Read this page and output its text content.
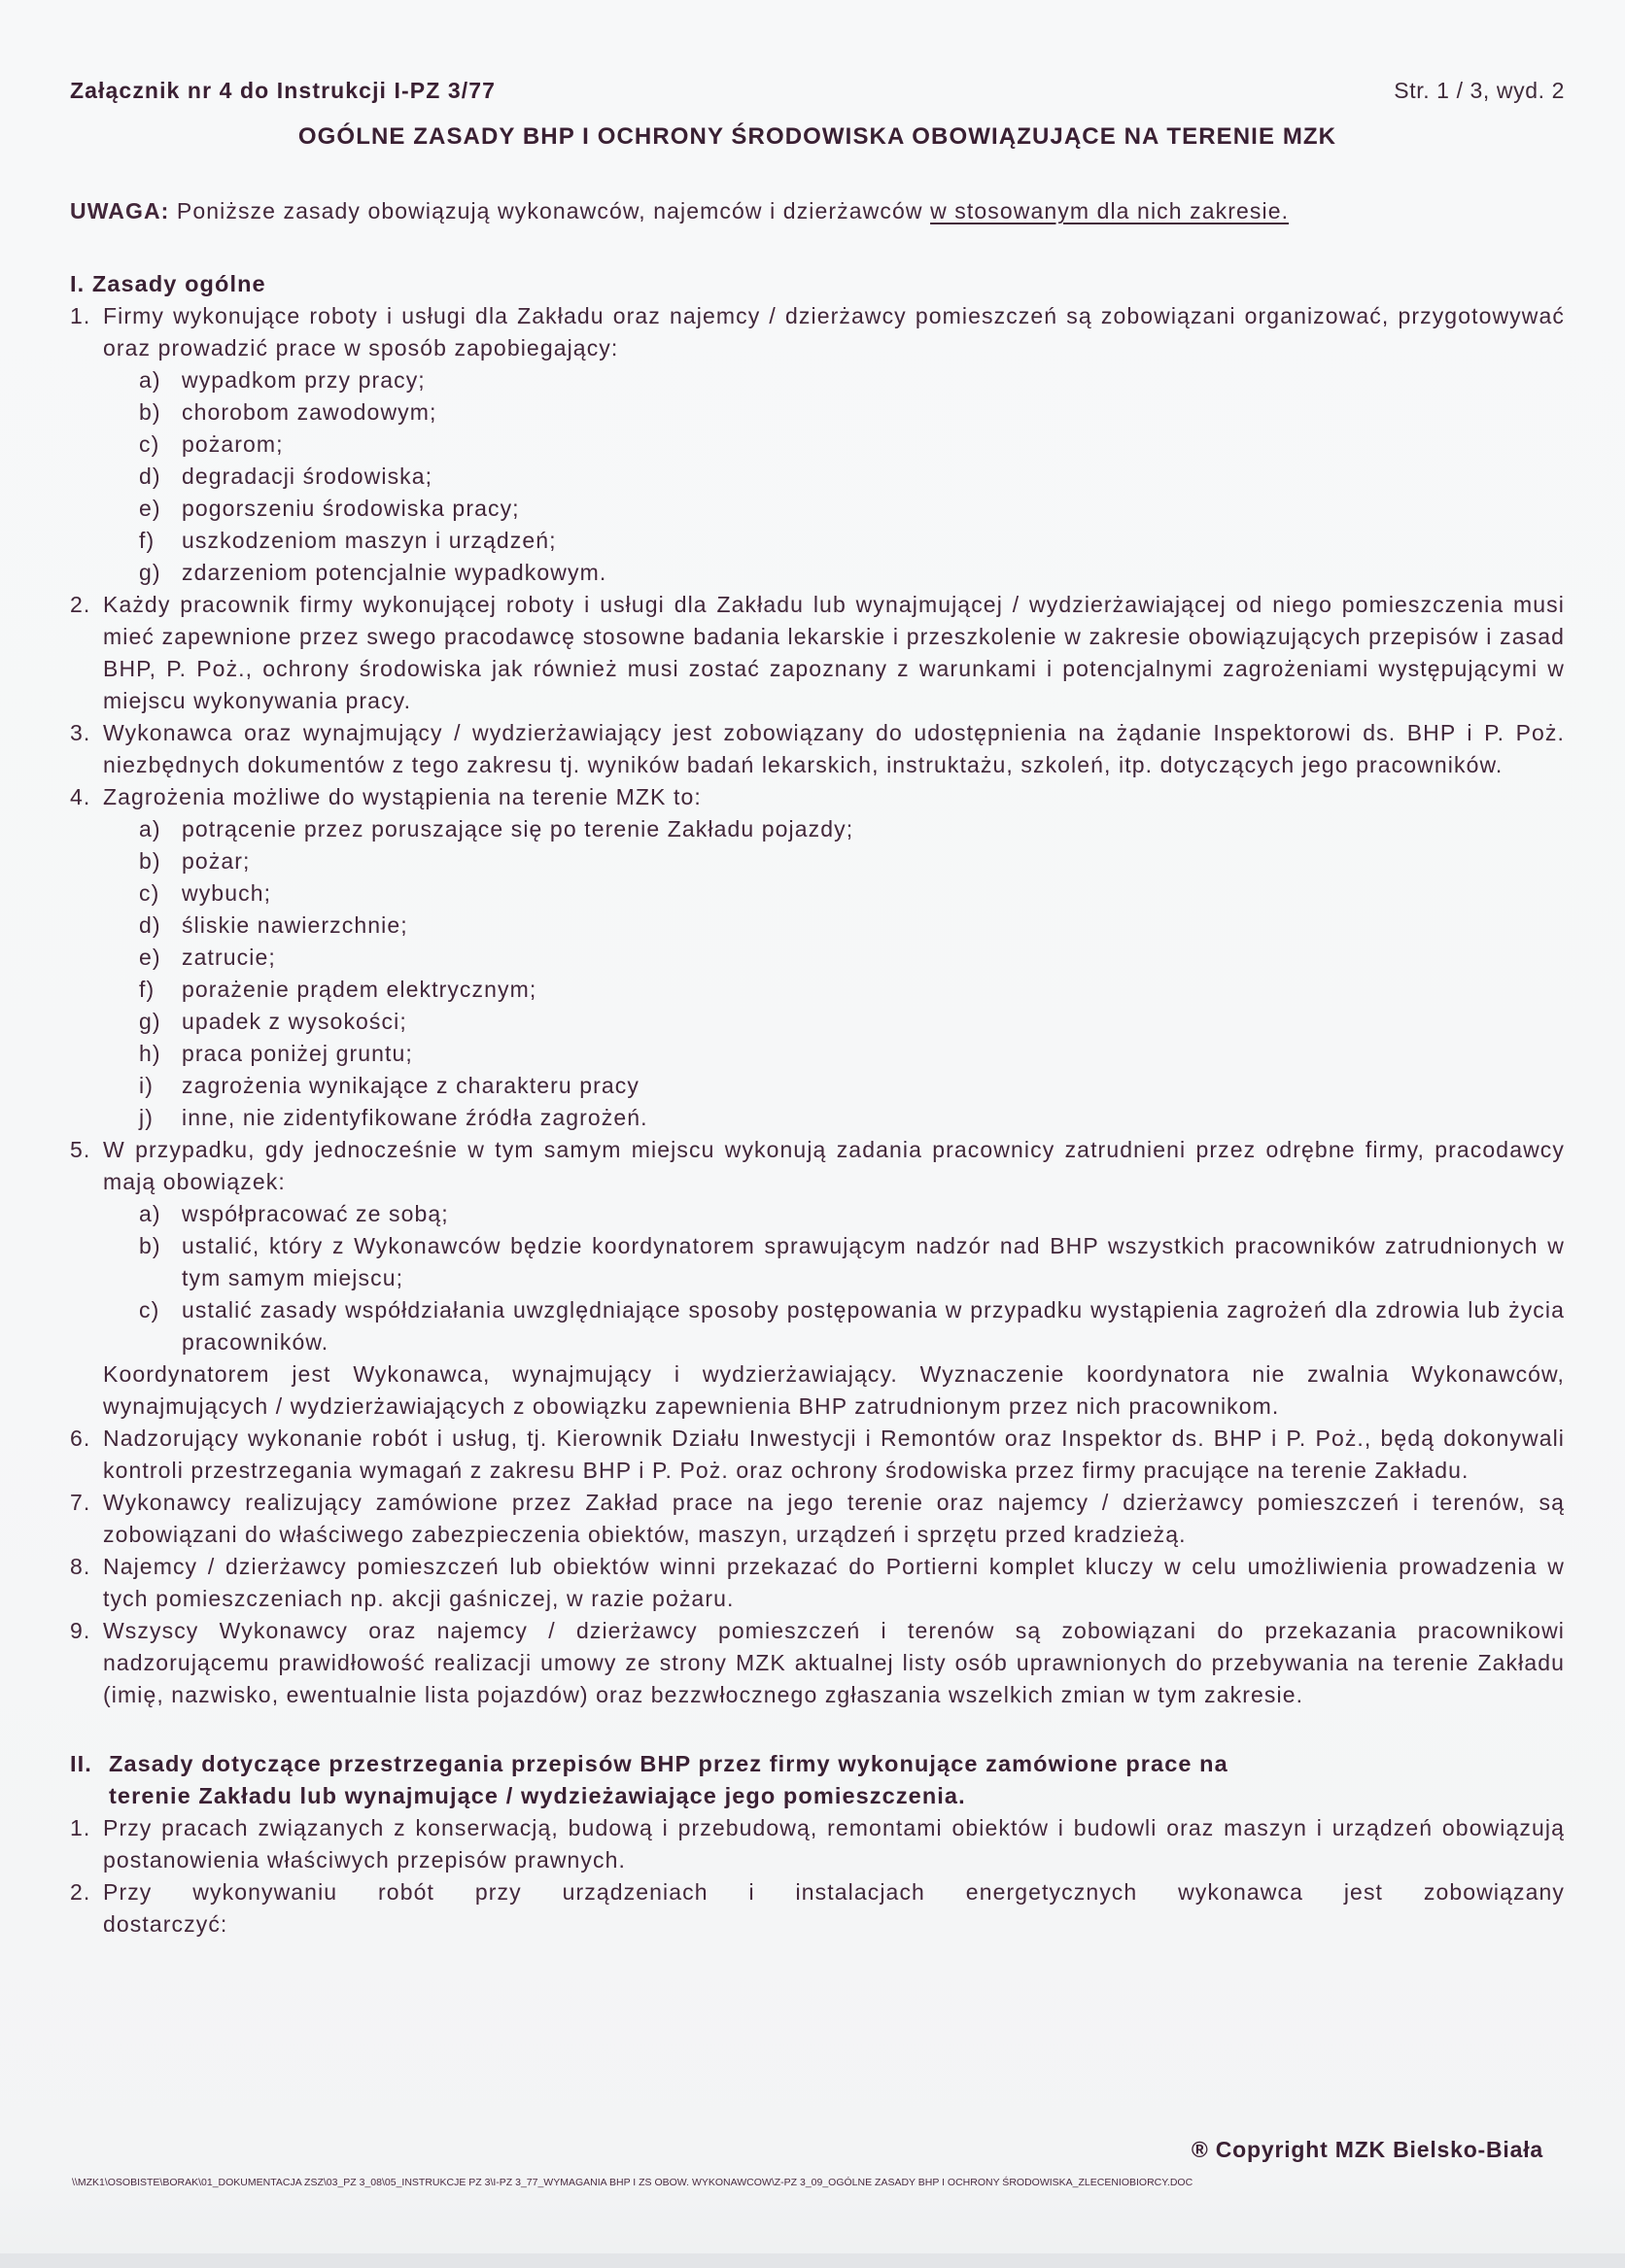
Załącznik nr 4 do Instrukcji I-PZ 3/77	Str. 1 / 3, wyd. 2
OGÓLNE ZASADY BHP I OCHRONY ŚRODOWISKA OBOWIĄZUJĄCE NA TERENIE MZK
UWAGA: Poniższe zasady obowiązują wykonawców, najemców i dzierżawców w stosowanym dla nich zakresie.
I. Zasady ogólne
1. Firmy wykonujące roboty i usługi dla Zakładu oraz najemcy / dzierżawcy pomieszczeń są zobowiązani organizować, przygotowywać oraz prowadzić prace w sposób zapobiegający:
a) wypadkom przy pracy;
b) chorobom zawodowym;
c) pożarom;
d) degradacji środowiska;
e) pogorszeniu środowiska pracy;
f)	uszkodzeniom maszyn i urządzeń;
g) zdarzeniom potencjalnie wypadkowym.
2. Każdy pracownik firmy wykonującej roboty i usługi dla Zakładu lub wynajmującej / wydzierżawiającej od niego pomieszczenia musi mieć zapewnione przez swego pracodawcę stosowne badania lekarskie i przeszkolenie w zakresie obowiązujących przepisów i zasad BHP, P. Poż., ochrony środowiska jak również musi zostać zapoznany z warunkami i potencjalnymi zagrożeniami występującymi w miejscu wykonywania pracy.
3. Wykonawca oraz wynajmujący / wydzierżawiający jest zobowiązany do udostępnienia na żądanie Inspektorowi ds. BHP i P. Poż. niezbędnych dokumentów z tego zakresu tj. wyników badań lekarskich, instruktażu, szkoleń, itp. dotyczących jego pracowników.
4. Zagrożenia możliwe do wystąpienia na terenie MZK to:
a) potrącenie przez poruszające się po terenie Zakładu pojazdy;
b) pożar;
c) wybuch;
d) śliskie nawierzchnie;
e) zatrucie;
f)	porażenie prądem elektrycznym;
g) upadek z wysokości;
h) praca poniżej gruntu;
i)	zagrożenia wynikające z charakteru pracy
j)	inne, nie zidentyfikowane źródła zagrożeń.
5. W przypadku, gdy jednocześnie w tym samym miejscu wykonują zadania pracownicy zatrudnieni przez odrębne firmy, pracodawcy mają obowiązek:
a) współpracować ze sobą;
b) ustalić, który z Wykonawców będzie koordynatorem sprawującym nadzór nad BHP wszystkich pracowników zatrudnionych w tym samym miejscu;
c) ustalić zasady współdziałania uwzględniające sposoby postępowania w przypadku wystąpienia zagrożeń dla zdrowia lub życia pracowników.
Koordynatorem jest Wykonawca, wynajmujący i wydzierżawiający. Wyznaczenie koordynatora nie zwalnia Wykonawców, wynajmujących / wydzierżawiających z obowiązku zapewnienia BHP zatrudnionym przez nich pracownikom.
6. Nadzorujący wykonanie robót i usług, tj. Kierownik Działu Inwestycji i Remontów oraz Inspektor ds. BHP i P. Poż., będą dokonywali kontroli przestrzegania wymagań z zakresu BHP i P. Poż. oraz ochrony środowiska przez firmy pracujące na terenie Zakładu.
7. Wykonawcy realizujący zamówione przez Zakład prace na jego terenie oraz najemcy / dzierżawcy pomieszczeń i terenów, są zobowiązani do właściwego zabezpieczenia obiektów, maszyn, urządzeń i sprzętu przed kradzieżą.
8. Najemcy / dzierżawcy pomieszczeń lub obiektów winni przekazać do Portierni komplet kluczy w celu umożliwienia prowadzenia w tych pomieszczeniach np. akcji gaśniczej, w razie pożaru.
9. Wszyscy Wykonawcy oraz najemcy / dzierżawcy pomieszczeń i terenów są zobowiązani do przekazania pracownikowi nadzorującemu prawidłowość realizacji umowy ze strony MZK aktualnej listy osób uprawnionych do przebywania na terenie Zakładu (imię, nazwisko, ewentualnie lista pojazdów) oraz bezzwłocznego zgłaszania wszelkich zmian w tym zakresie.
II. Zasady dotyczące przestrzegania przepisów BHP przez firmy wykonujące zamówione prace na
terenie Zakładu lub wynajmujące / wydzieżawiające jego pomieszczenia.
1. Przy pracach związanych z konserwacją, budową i przebudową, remontami obiektów i budowli oraz maszyn i urządzeń obowiązują postanowienia właściwych przepisów prawnych.
2. Przy wykonywaniu robót przy urządzeniach i instalacjach energetycznych wykonawca jest zobowiązany
dostarczyć:
® Copyright MZK Bielsko-Biała
\\MZK1\OSOBISTE\BORAK\01_DOKUMENTACJA ZSZ\03_PZ 3_08\05_INSTRUKCJE PZ 3\I-PZ 3_77_WYMAGANIA BHP I ZS OBOW. WYKONAWCOW\Z-PZ 3_09_OGÓLNE ZASADY BHP I OCHRONY ŚRODOWISKA_ZLECENIOBIORCY.DOC
